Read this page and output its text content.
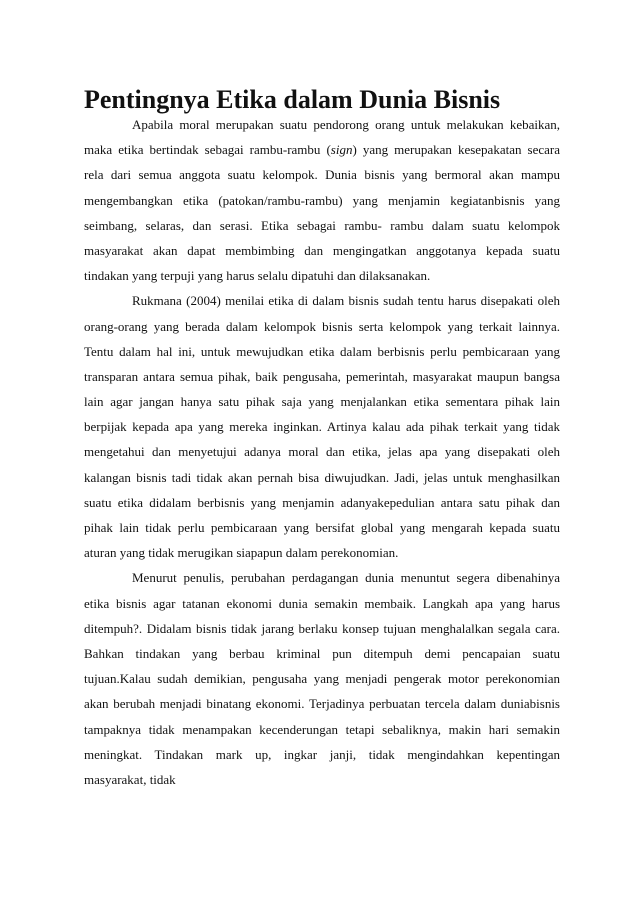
Pentingnya Etika dalam Dunia Bisnis
Apabila moral merupakan suatu pendorong orang untuk melakukan kebaikan,
maka etika bertindak sebagai rambu-rambu (sign) yang merupakan kesepakatan secara
rela dari semua anggota suatu kelompok. Dunia bisnis yang bermoral akan mampu
mengembangkan etika (patokan/rambu-rambu) yang menjamin kegiatanbisnis yang
seimbang, selaras, dan serasi. Etika sebagai rambu- rambu dalam suatu kelompok
masyarakat akan dapat membimbing dan mengingatkan anggotanya kepada suatu
tindakan yang terpuji yang harus selalu dipatuhi dan dilaksanakan.
Rukmana (2004) menilai etika di dalam bisnis sudah tentu harus disepakati oleh
orang-orang yang berada dalam kelompok bisnis serta kelompok yang terkait lainnya.
Tentu dalam hal ini, untuk mewujudkan etika dalam berbisnis perlu pembicaraan yang
transparan antara semua pihak, baik pengusaha, pemerintah, masyarakat maupun bangsa
lain agar jangan hanya satu pihak saja yang menjalankan etika sementara pihak lain
berpijak kepada apa yang mereka inginkan. Artinya kalau ada pihak terkait yang tidak
mengetahui dan menyetujui adanya moral dan etika, jelas apa yang disepakati oleh
kalangan bisnis tadi tidak akan pernah bisa diwujudkan. Jadi, jelas untuk menghasilkan
suatu etika didalam berbisnis yang menjamin adanyakepedulian antara satu pihak dan
pihak lain tidak perlu pembicaraan yang bersifat global yang mengarah kepada suatu
aturan yang tidak merugikan siapapun dalam perekonomian.
Menurut penulis, perubahan perdagangan dunia menuntut segera dibenahinya
etika bisnis agar tatanan ekonomi dunia semakin membaik. Langkah apa yang harus
ditempuh?. Didalam bisnis tidak jarang berlaku konsep tujuan menghalalkan segala cara.
Bahkan tindakan yang berbau kriminal pun ditempuh demi pencapaian suatu
tujuan.Kalau sudah demikian, pengusaha yang menjadi pengerak motor perekonomian
akan berubah menjadi binatang ekonomi. Terjadinya perbuatan tercela dalam duniabisnis
tampaknya tidak menampakan kecenderungan tetapi sebaliknya, makin hari semakin
meningkat. Tindakan mark up, ingkar janji, tidak mengindahkan kepentingan
masyarakat, tidak
